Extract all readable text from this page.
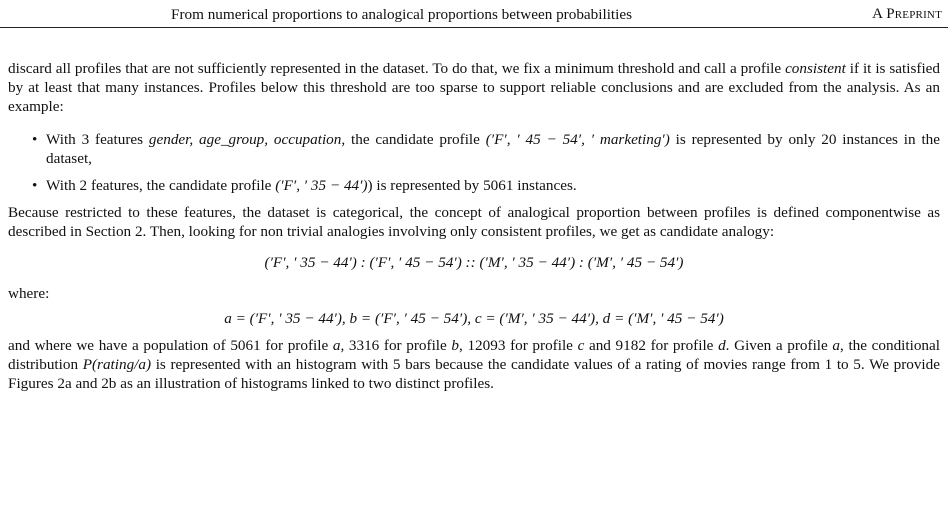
From numerical proportions to analogical proportions between probabilities	A Preprint

discard all profiles that are not sufficiently represented in the dataset. To do that, we fix a minimum threshold and call a profile consistent if it is satisfied by at least that many instances. Profiles below this threshold are too sparse to support reliable conclusions and are excluded from the analysis. As an example:

• With 3 features gender, age_group, occupation, the candidate profile (′F′, ′ 45 − 54′, ′ marketing′) is represented by only 20 instances in the dataset,
• With 2 features, the candidate profile (′F′, ′ 35 − 44′)) is represented by 5061 instances.

Because restricted to these features, the dataset is categorical, the concept of analogical proportion between profiles is defined componentwise as described in Section 2. Then, looking for non trivial analogies involving only consistent profiles, we get as candidate analogy:

(′F′, ′ 35 − 44′) : (′F′, ′ 45 − 54′) :: (′M′, ′ 35 − 44′) : (′M′, ′ 45 − 54′)

where:

a = (′F′, ′ 35 − 44′), b = (′F′, ′ 45 − 54′), c = (′M′, ′ 35 − 44′), d = (′M′, ′ 45 − 54′)

and where we have a population of 5061 for profile a, 3316 for profile b, 12093 for profile c and 9182 for profile d. Given a profile a, the conditional distribution P(rating/a) is represented with an histogram with 5 bars because the candidate values of a rating of movies range from 1 to 5. We provide Figures 2a and 2b as an illustration of histograms linked to two distinct profiles.
